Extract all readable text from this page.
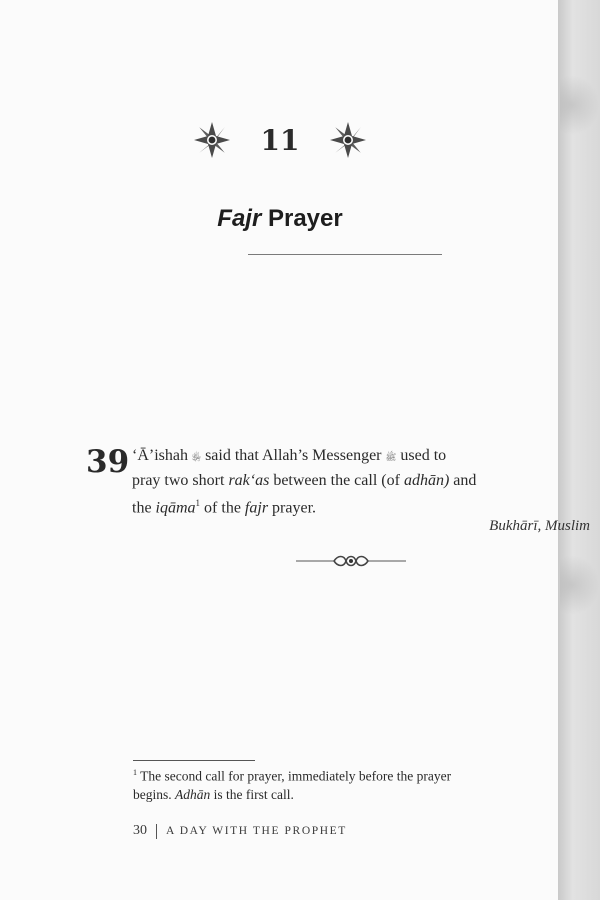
11
Fajr Prayer
39 ‘Ā’ishah ﵂ said that Allah’s Messenger ﷺ used to
pray two short rak‘as between the call (of adhān) and
the iqāma$^1$ of the fajr prayer.
Bukhārī, Muslim
$^1$ The second call for prayer, immediately before the prayer
begins. Adhān is the first call.
30 A DAY WITH THE PROPHET
